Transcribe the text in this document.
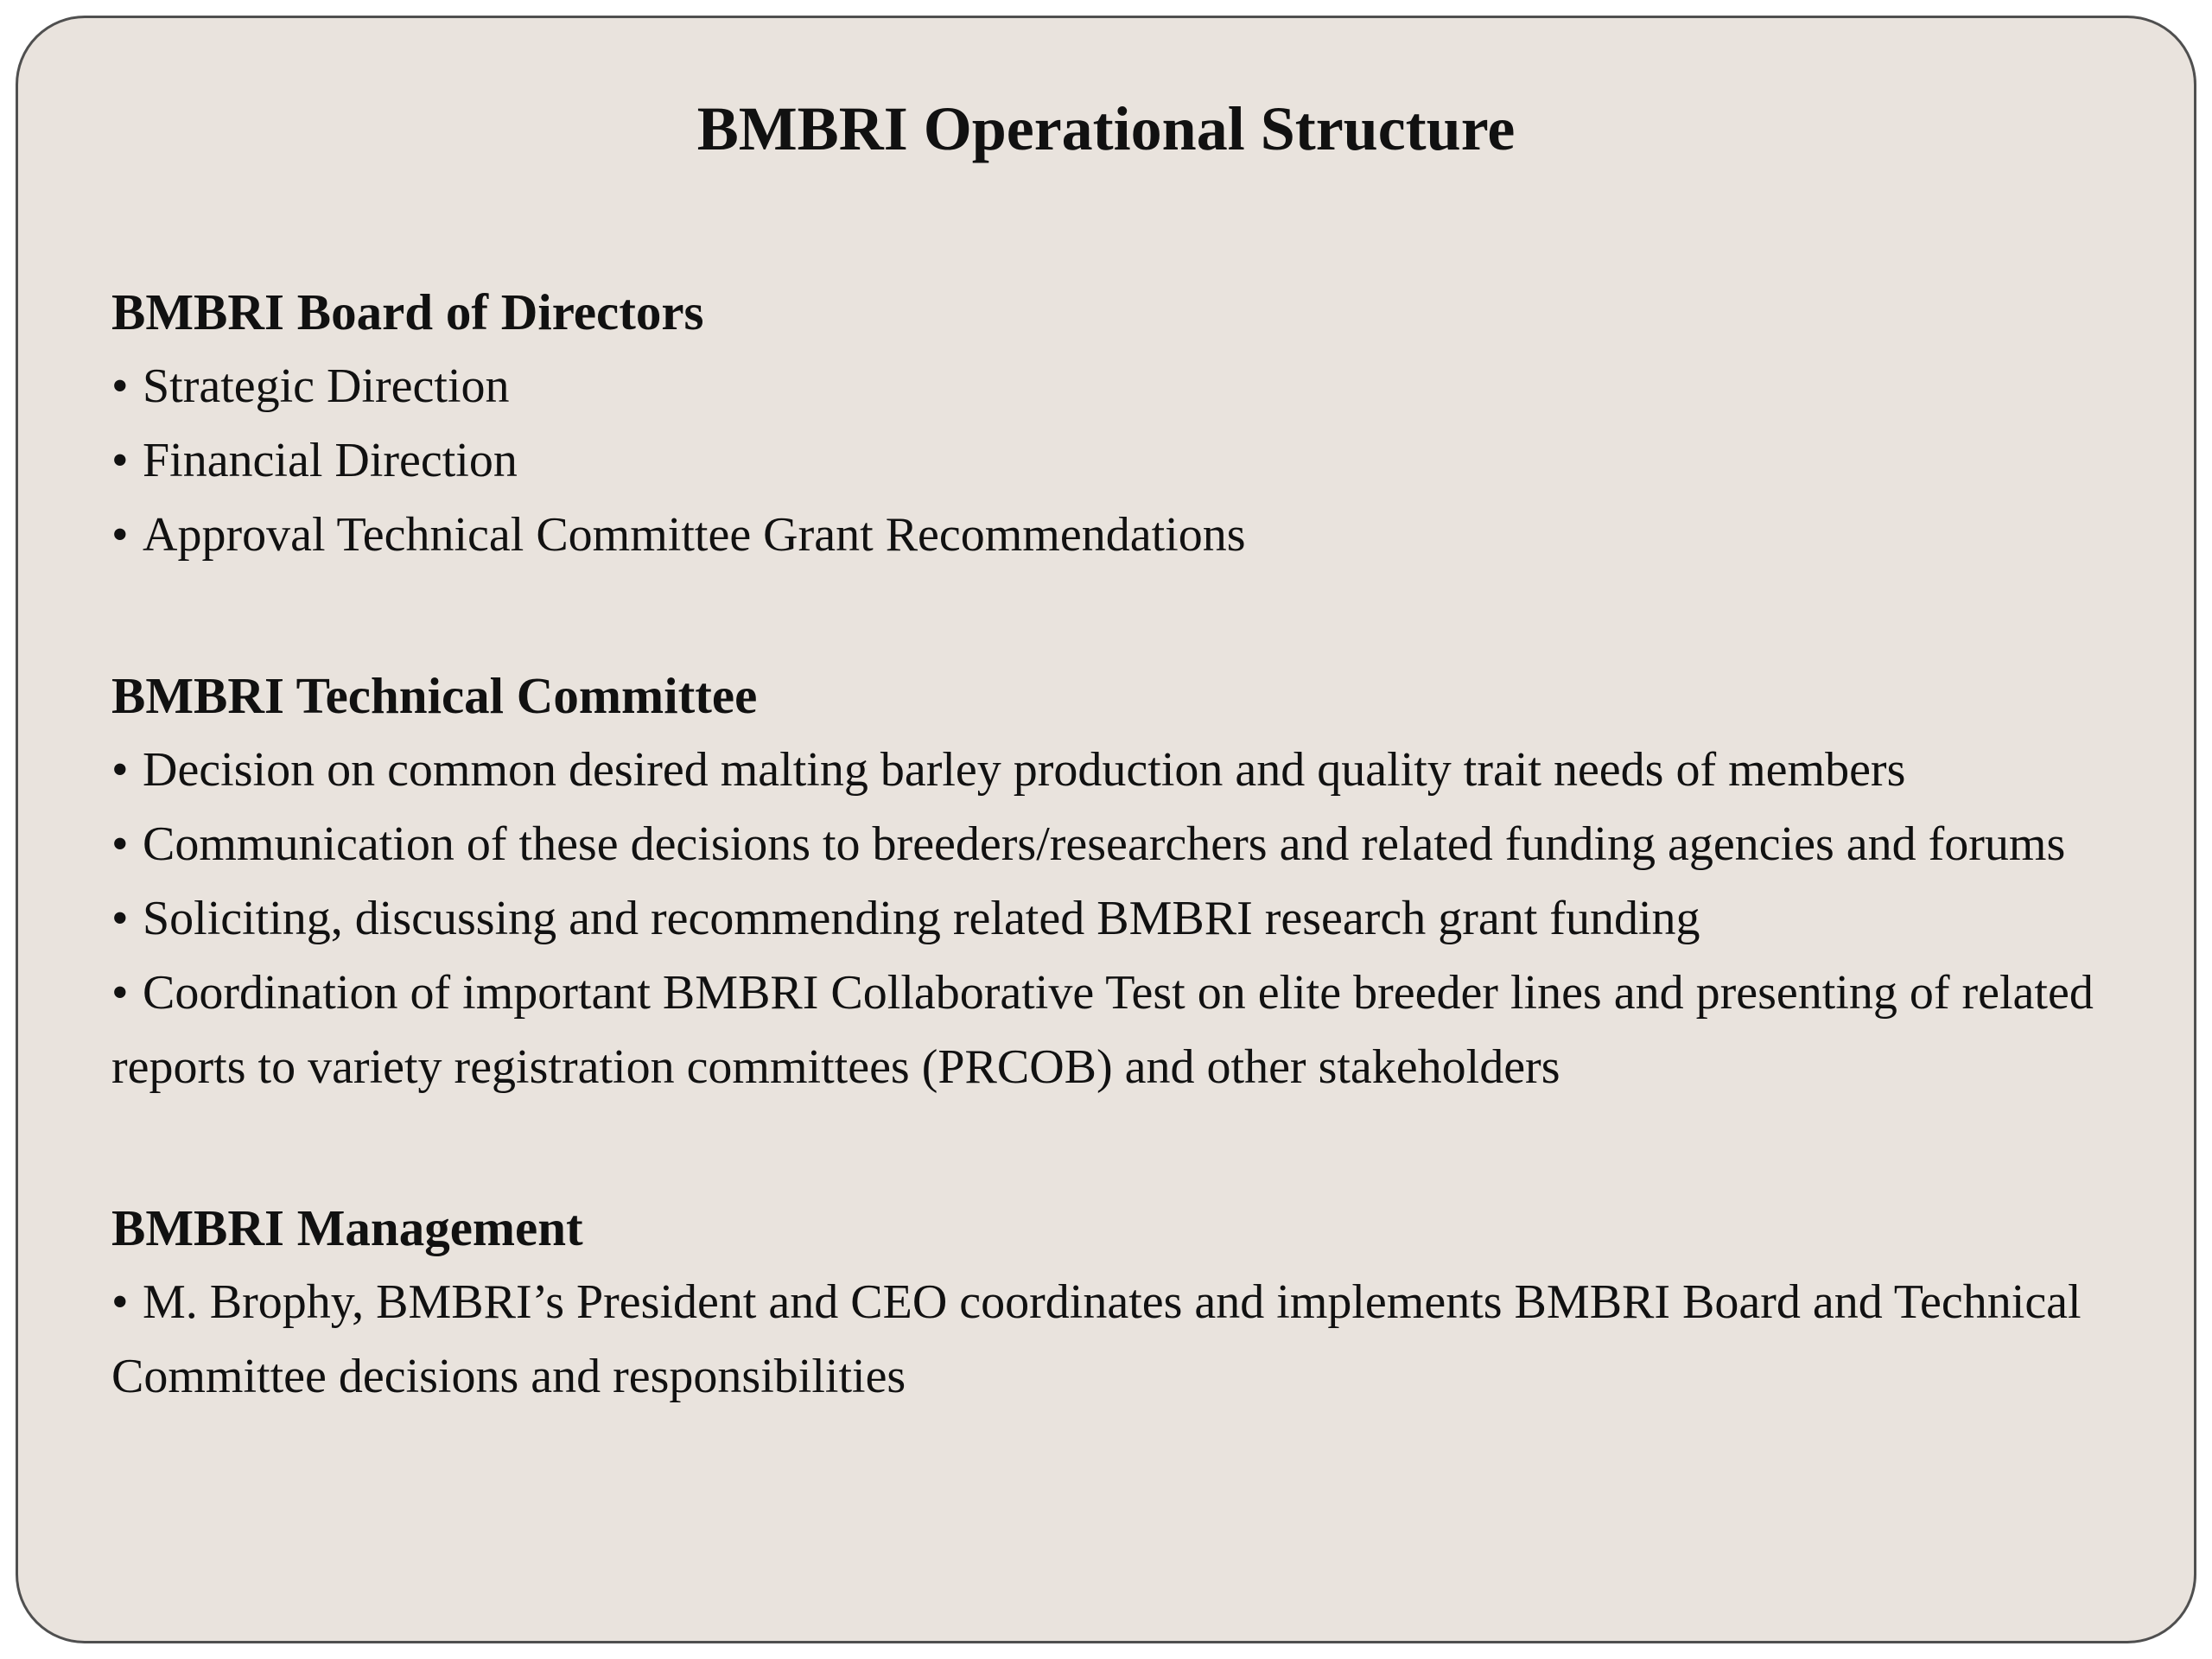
BMBRI Operational Structure
BMBRI Board of Directors
• Strategic Direction
• Financial Direction
• Approval Technical Committee Grant Recommendations
BMBRI Technical Committee
• Decision on common desired malting barley production and quality trait needs of members
• Communication of these decisions to breeders/researchers and related funding agencies and forums
• Soliciting, discussing and recommending related BMBRI research grant funding
• Coordination of important BMBRI Collaborative Test on elite breeder lines and presenting of related reports to variety registration committees (PRCOB) and other stakeholders
BMBRI Management
• M. Brophy, BMBRI’s President and CEO coordinates and implements BMBRI Board and Technical Committee decisions and responsibilities
